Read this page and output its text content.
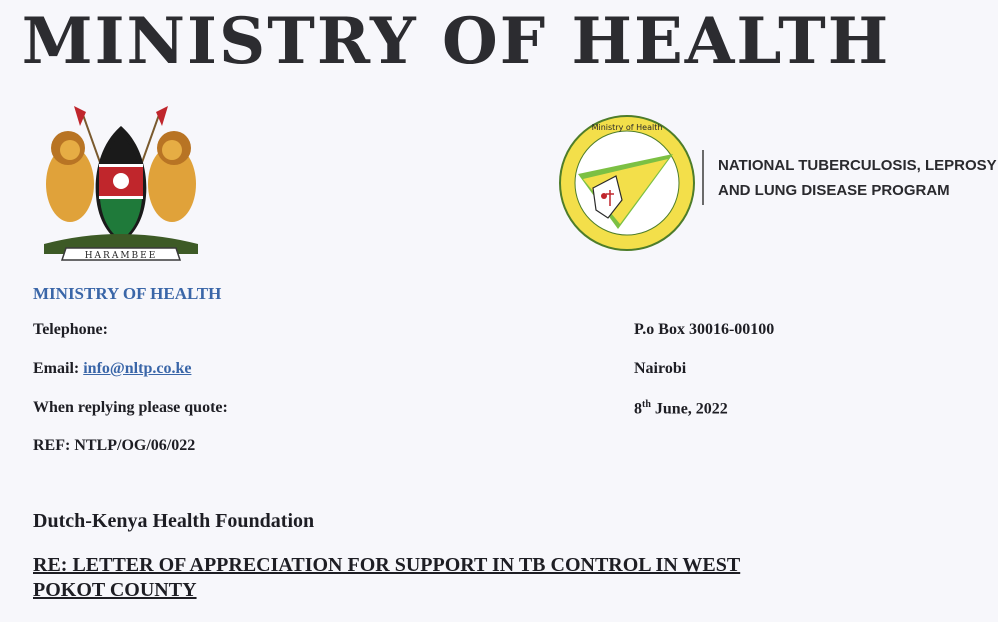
MINISTRY OF HEALTH
HARAMBEE
Ministry of Health
NATIONAL TUBERCULOSIS, LEPROSY
AND LUNG DISEASE PROGRAM
MINISTRY OF HEALTH
Telephone:
Email: info@nltp.co.ke
When replying please quote:
REF: NTLP/OG/06/022
P.o Box 30016-00100
Nairobi
8th June, 2022
Dutch-Kenya Health Foundation
RE: LETTER OF APPRECIATION FOR SUPPORT IN TB CONTROL IN WEST
POKOT COUNTY
